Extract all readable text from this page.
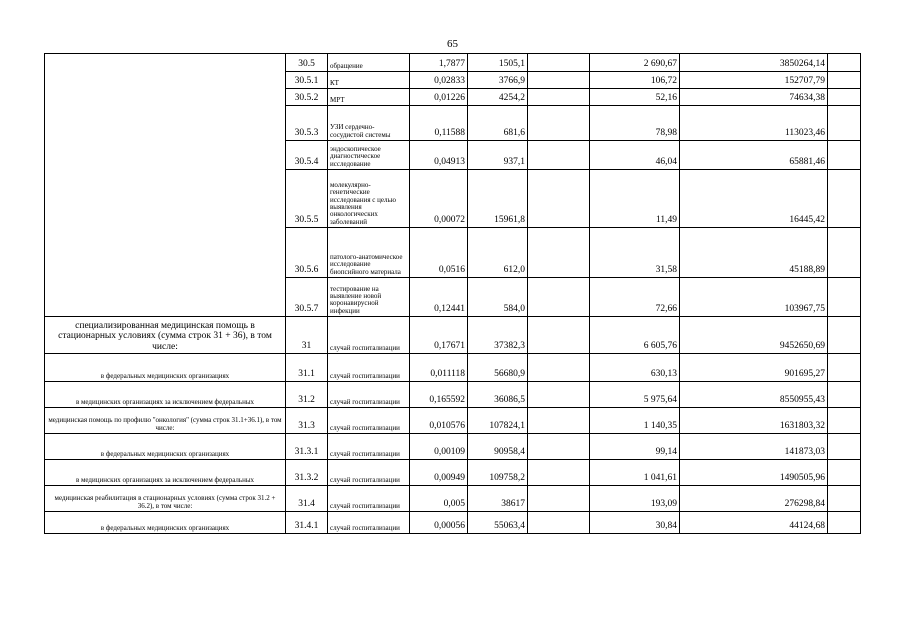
65
	30.5	обращение	1,7877	1505,1		2 690,67	3850264,14	
	30.5.1	КТ	0,02833	3766,9		106,72	152707,79	
	30.5.2	МРТ	0,01226	4254,2		52,16	74634,38	
	30.5.3	УЗИ сердечно-сосудистой системы	0,11588	681,6		78,98	113023,46	
	30.5.4	эндоскопическое диагностическое исследование	0,04913	937,1		46,04	65881,46	
	30.5.5	молекулярно-генетические исследования с целью выявления онкологических заболеваний	0,00072	15961,8		11,49	16445,42	
	30.5.6	патолого-анатомическое исследование биопсийного материала	0,0516	612,0		31,58	45188,89	
	30.5.7	тестирование на выявление новой коронавирусной инфекции	0,12441	584,0		72,66	103967,75	
специализированная медицинская помощь в стационарных условиях (сумма строк 31 + 36), в том числе:	31	случай госпитализации	0,17671	37382,3		6 605,76	9452650,69	
в федеральных медицинских организациях	31.1	случай госпитализации	0,011118	56680,9		630,13	901695,27	
в медицинских организациях за исключением федеральных	31.2	случай госпитализации	0,165592	36086,5		5 975,64	8550955,43	
медицинская помощь по профилю "онкология" (сумма строк 31.1+36.1), в том числе:	31.3	случай госпитализации	0,010576	107824,1		1 140,35	1631803,32	
в федеральных медицинских организациях	31.3.1	случай госпитализации	0,00109	90958,4		99,14	141873,03	
в медицинских организациях за исключением федеральных	31.3.2	случай госпитализации	0,00949	109758,2		1 041,61	1490505,96	
медицинская реабилитация в стационарных условиях (сумма строк 31.2 + 36.2), в том числе:	31.4	случай госпитализации	0,005	38617		193,09	276298,84	
в федеральных медицинских организациях	31.4.1	случай госпитализации	0,00056	55063,4		30,84	44124,68	
